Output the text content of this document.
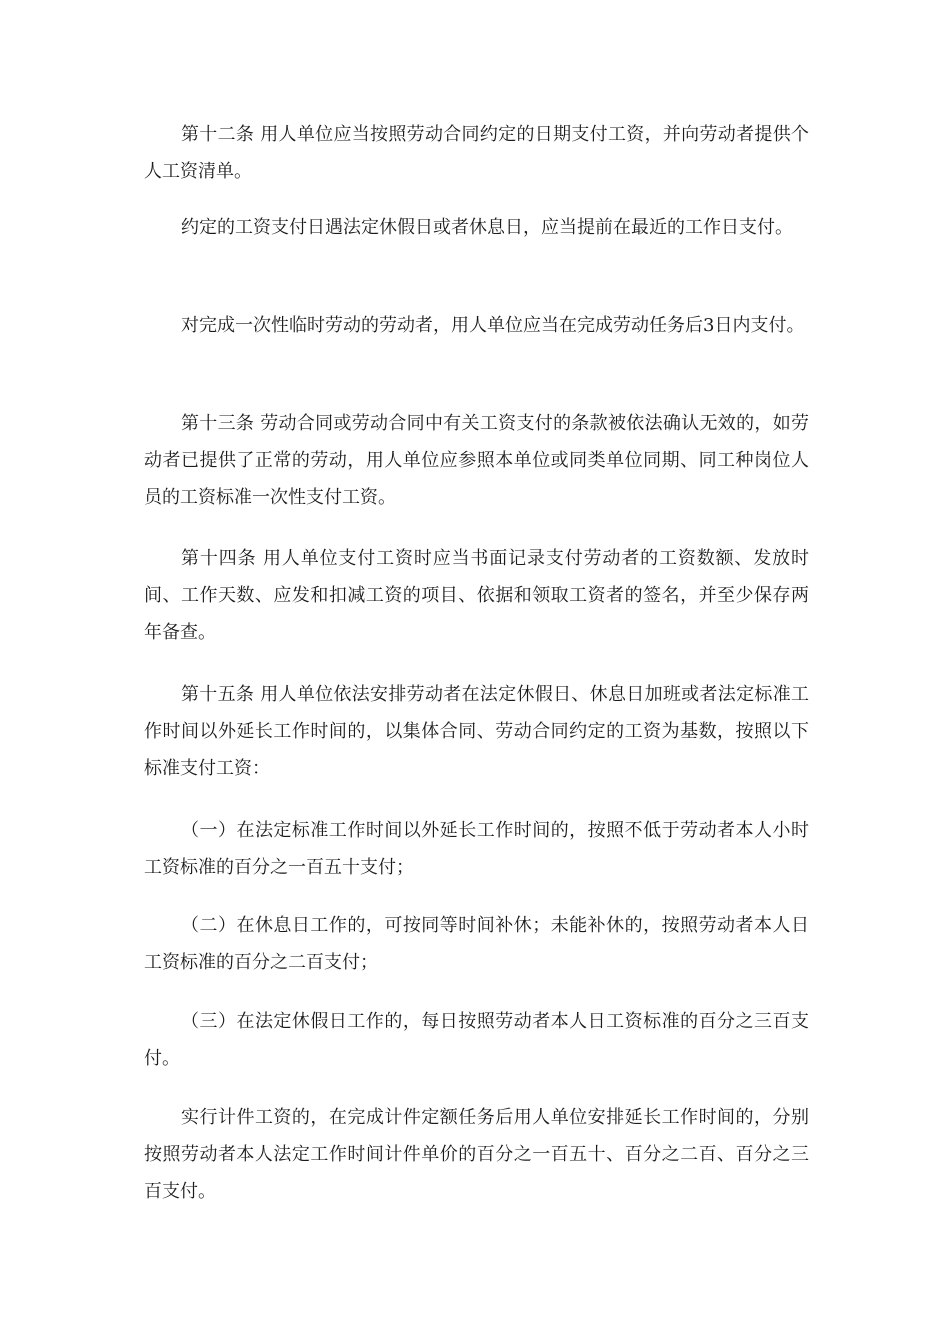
第十二条 用人单位应当按照劳动合同约定的日期支付工资，并向劳动者提供个人工资清单。

约定的工资支付日遇法定休假日或者休息日，应当提前在最近的工作日支付。

对完成一次性临时劳动的劳动者，用人单位应当在完成劳动任务后3日内支付。

第十三条 劳动合同或劳动合同中有关工资支付的条款被依法确认无效的，如劳动者已提供了正常的劳动，用人单位应参照本单位或同类单位同期、同工种岗位人员的工资标准一次性支付工资。

第十四条 用人单位支付工资时应当书面记录支付劳动者的工资数额、发放时间、工作天数、应发和扣减工资的项目、依据和领取工资者的签名，并至少保存两年备查。

第十五条 用人单位依法安排劳动者在法定休假日、休息日加班或者法定标准工作时间以外延长工作时间的，以集体合同、劳动合同约定的工资为基数，按照以下标准支付工资：

（一）在法定标准工作时间以外延长工作时间的，按照不低于劳动者本人小时工资标准的百分之一百五十支付；

（二）在休息日工作的，可按同等时间补休；未能补休的，按照劳动者本人日工资标准的百分之二百支付；

（三）在法定休假日工作的，每日按照劳动者本人日工资标准的百分之三百支付。

实行计件工资的，在完成计件定额任务后用人单位安排延长工作时间的，分别按照劳动者本人法定工作时间计件单价的百分之一百五十、百分之二百、百分之三百支付。
